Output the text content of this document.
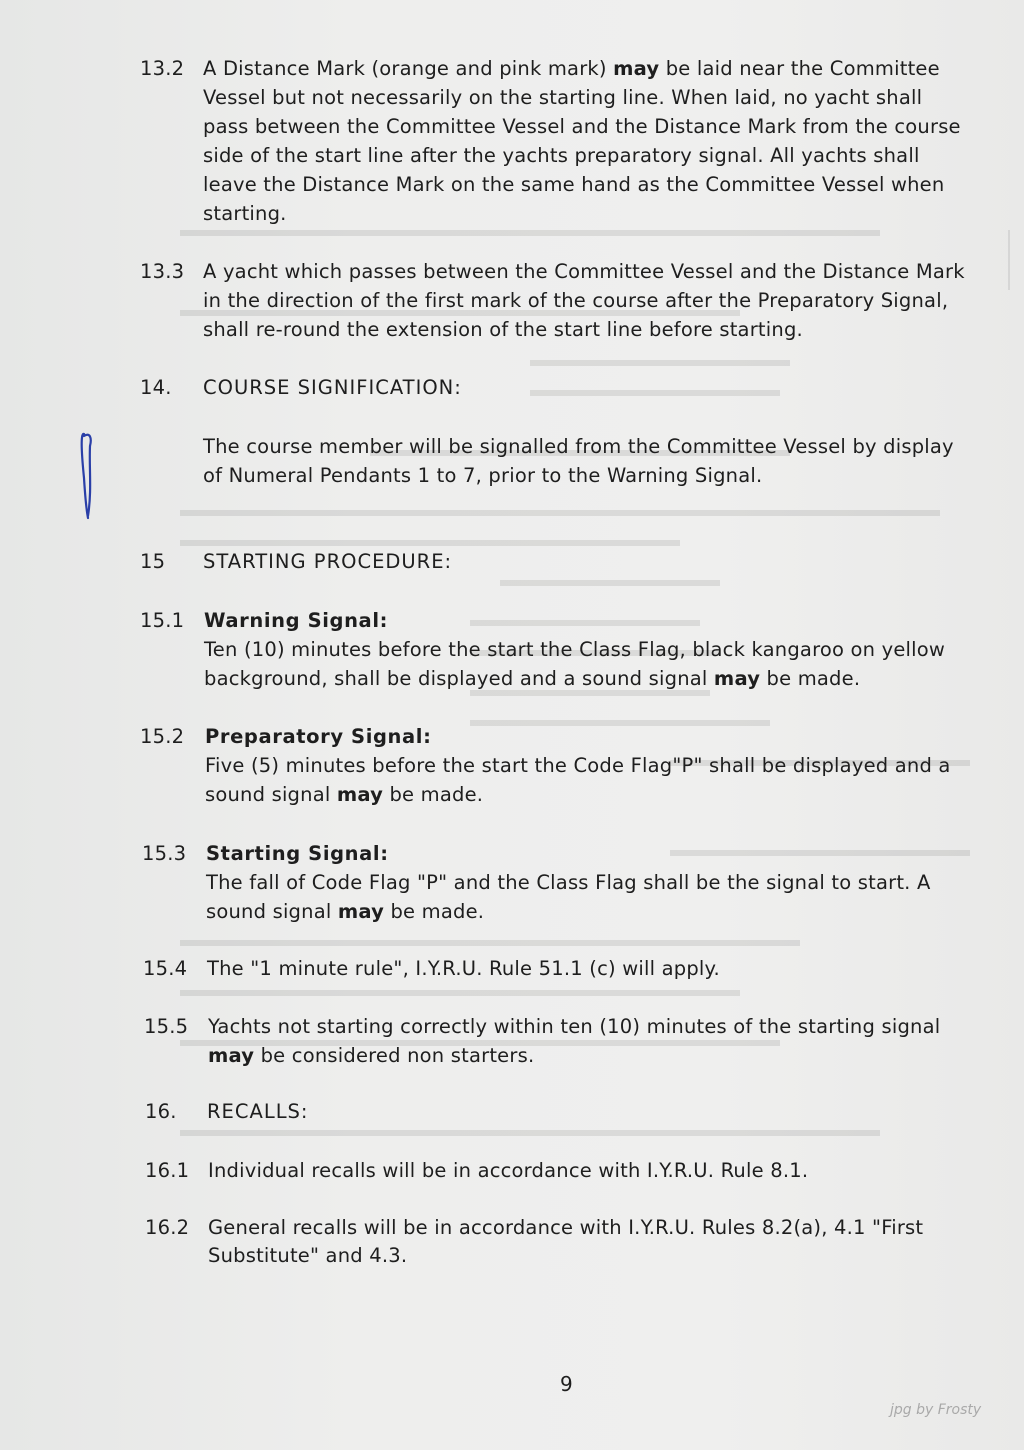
13.2 A Distance Mark (orange and pink mark) may be laid near the Committee
Vessel but not necessarily on the starting line. When laid, no yacht shall
pass between the Committee Vessel and the Distance Mark from the course
side of the start line after the yachts preparatory signal. All yachts shall
leave the Distance Mark on the same hand as the Committee Vessel when
starting.
13.3 A yacht which passes between the Committee Vessel and the Distance Mark
in the direction of the first mark of the course after the Preparatory Signal,
shall re-round the extension of the start line before starting.
14. COURSE SIGNIFICATION:
The course member will be signalled from the Committee Vessel by display
of Numeral Pendants 1 to 7, prior to the Warning Signal.
15 STARTING PROCEDURE:
15.1 Warning Signal:
Ten (10) minutes before the start the Class Flag, black kangaroo on yellow
background, shall be displayed and a sound signal may be made.
15.2 Preparatory Signal:
Five (5) minutes before the start the Code Flag"P" shall be displayed and a
sound signal may be made.
15.3 Starting Signal:
The fall of Code Flag "P" and the Class Flag shall be the signal to start. A
sound signal may be made.
15.4 The "1 minute rule", I.Y.R.U. Rule 51.1 (c) will apply.
15.5 Yachts not starting correctly within ten (10) minutes of the starting signal
may be considered non starters.
16. RECALLS:
16.1 Individual recalls will be in accordance with I.Y.R.U. Rule 8.1.
16.2 General recalls will be in accordance with I.Y.R.U. Rules 8.2(a), 4.1 "First
Substitute" and 4.3.
9
jpg by Frosty
